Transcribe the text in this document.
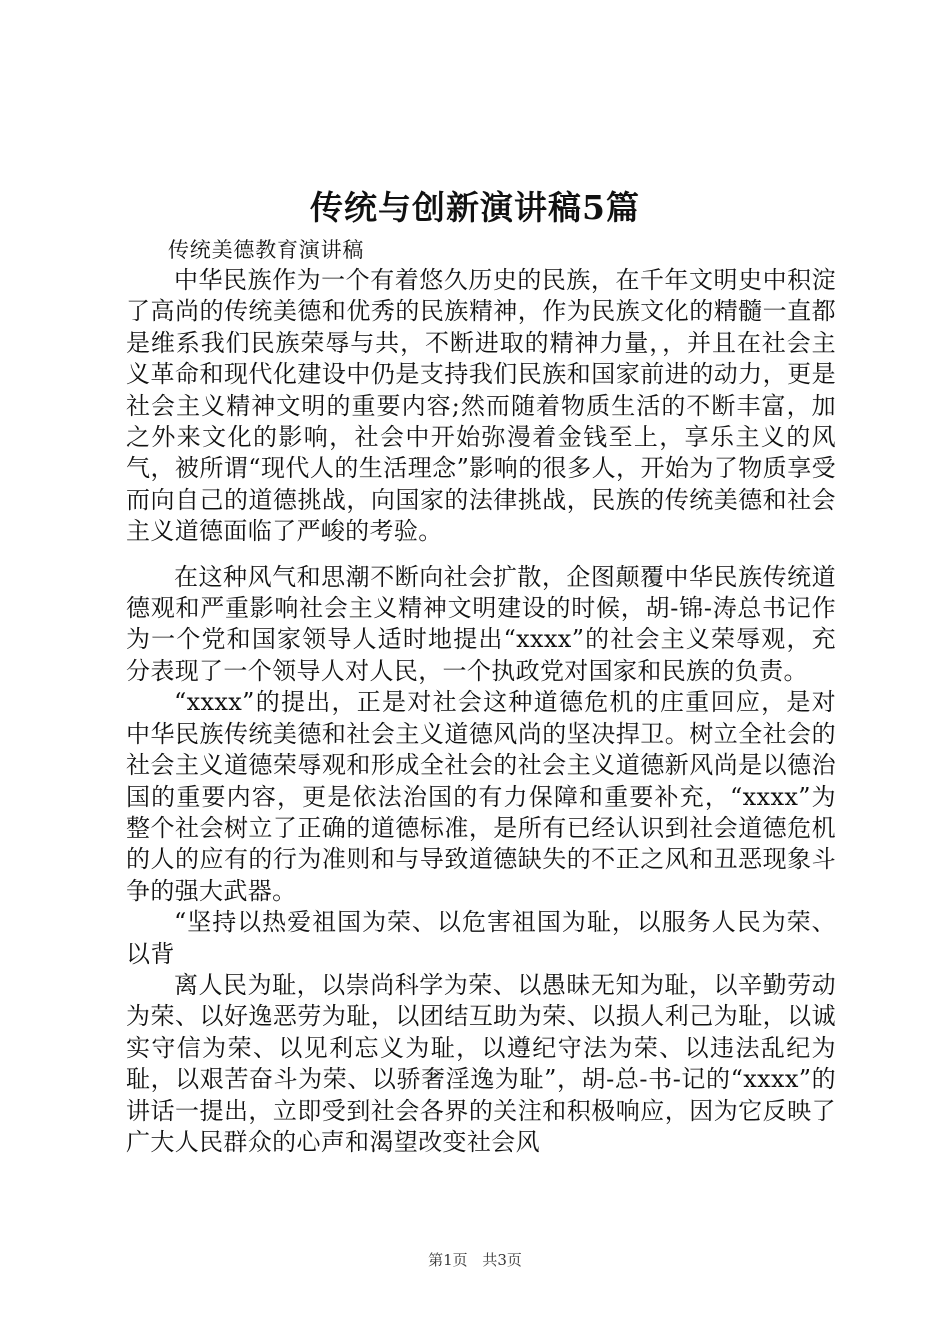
传统与创新演讲稿5篇

传统美德教育演讲稿

中华民族作为一个有着悠久历史的民族，在千年文明史中积淀了高尚的传统美德和优秀的民族精神，作为民族文化的精髓一直都是维系我们民族荣辱与共，不断进取的精神力量，，并且在社会主义革命和现代化建设中仍是支持我们民族和国家前进的动力，更是社会主义精神文明的重要内容;然而随着物质生活的不断丰富，加之外来文化的影响，社会中开始弥漫着金钱至上，享乐主义的风气，被所谓“现代人的生活理念”影响的很多人，开始为了物质享受而向自己的道德挑战，向国家的法律挑战，民族的传统美德和社会主义道德面临了严峻的考验。

在这种风气和思潮不断向社会扩散，企图颠覆中华民族传统道德观和严重影响社会主义精神文明建设的时候，胡-锦-涛总书记作为一个党和国家领导人适时地提出“xxxx”的社会主义荣辱观，充分表现了一个领导人对人民，一个执政党对国家和民族的负责。

“xxxx”的提出，正是对社会这种道德危机的庄重回应，是对中华民族传统美德和社会主义道德风尚的坚决捍卫。树立全社会的社会主义道德荣辱观和形成全社会的社会主义道德新风尚是以德治国的重要内容，更是依法治国的有力保障和重要补充，“xxxx”为整个社会树立了正确的道德标准，是所有已经认识到社会道德危机的人的应有的行为准则和与导致道德缺失的不正之风和丑恶现象斗争的强大武器。

“坚持以热爱祖国为荣、以危害祖国为耻，以服务人民为荣、以背

离人民为耻，以崇尚科学为荣、以愚昧无知为耻，以辛勤劳动为荣、以好逸恶劳为耻，以团结互助为荣、以损人利己为耻，以诚实守信为荣、以见利忘义为耻，以遵纪守法为荣、以违法乱纪为耻，以艰苦奋斗为荣、以骄奢淫逸为耻”，胡-总-书-记的“xxxx”的讲话一提出，立即受到社会各界的关注和积极响应，因为它反映了广大人民群众的心声和渴望改变社会风

第1页 共3页
